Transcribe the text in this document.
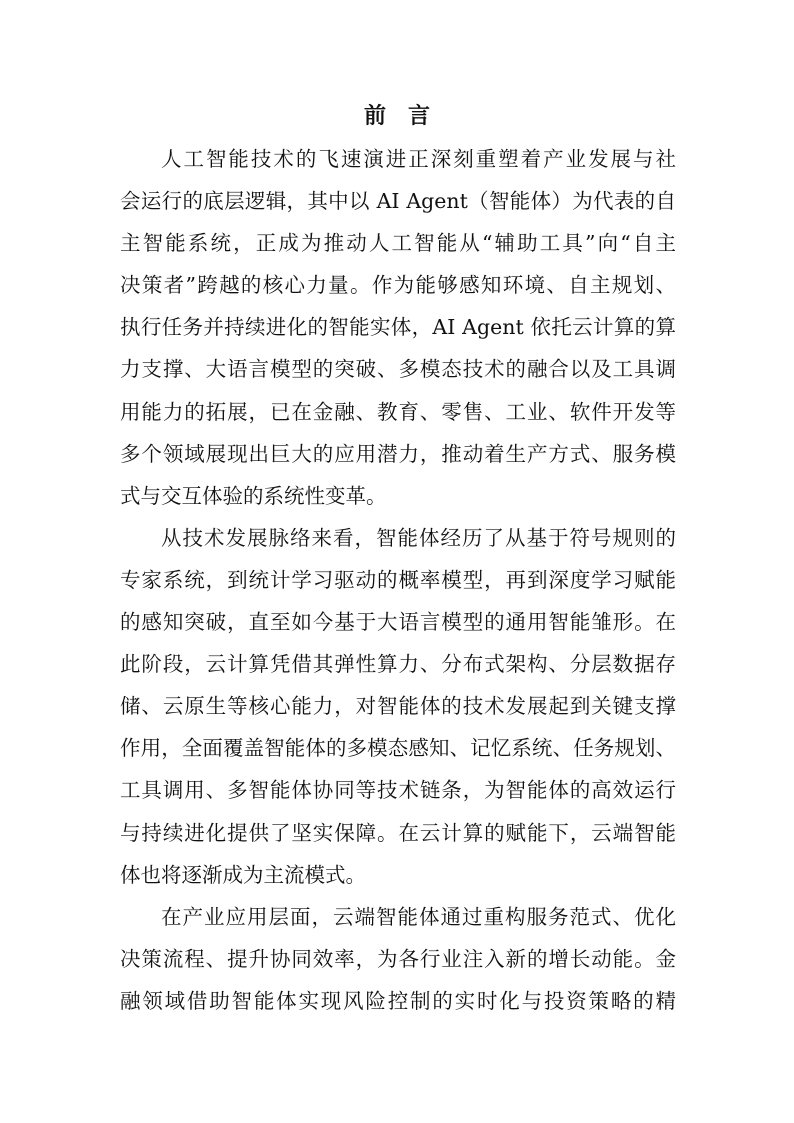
前言
人工智能技术的飞速演进正深刻重塑着产业发展与社
会运行的底层逻辑，其中以 AI Agent（智能体）为代表的自
主智能系统，正成为推动人工智能从“辅助工具”向“自主
决策者”跨越的核心力量。作为能够感知环境、自主规划、
执行任务并持续进化的智能实体，AI Agent 依托云计算的算
力支撑、大语言模型的突破、多模态技术的融合以及工具调
用能力的拓展，已在金融、教育、零售、工业、软件开发等
多个领域展现出巨大的应用潜力，推动着生产方式、服务模
式与交互体验的系统性变革。
从技术发展脉络来看，智能体经历了从基于符号规则的
专家系统，到统计学习驱动的概率模型，再到深度学习赋能
的感知突破，直至如今基于大语言模型的通用智能雏形。在
此阶段，云计算凭借其弹性算力、分布式架构、分层数据存
储、云原生等核心能力，对智能体的技术发展起到关键支撑
作用，全面覆盖智能体的多模态感知、记忆系统、任务规划、
工具调用、多智能体协同等技术链条，为智能体的高效运行
与持续进化提供了坚实保障。在云计算的赋能下，云端智能
体也将逐渐成为主流模式。
在产业应用层面，云端智能体通过重构服务范式、优化
决策流程、提升协同效率，为各行业注入新的增长动能。金
融领域借助智能体实现风险控制的实时化与投资策略的精
